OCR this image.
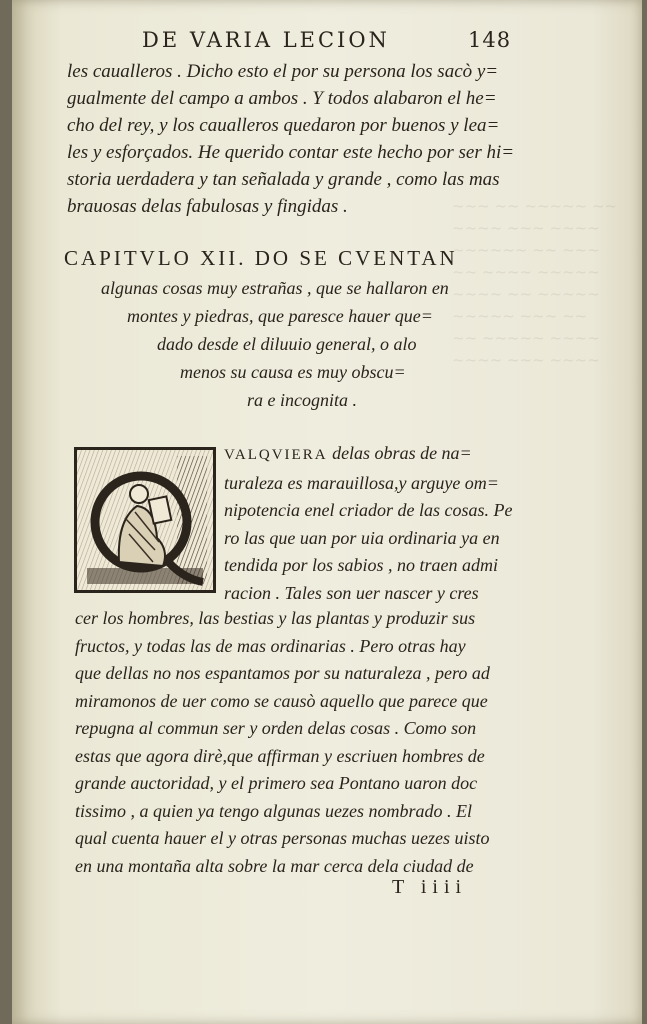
~~~ ~~ ~~~~~ ~~
~~~~ ~~~ ~~~~
~~~~~~ ~~ ~~~
~~ ~~~~ ~~~~~
~~~~ ~~ ~~~~~
~~~~~ ~~~ ~~
~~ ~~~~~ ~~~~
~~~~ ~~~ ~~~~
DE VARIA LECION	148
les caualleros . Dicho esto el por su persona los sacò y=
gualmente del campo a ambos . Y todos alabaron el he=
cho del rey, y los caualleros quedaron por buenos y lea=
les y esforçados. He querido contar este hecho por ser hi=
storia uerdadera y tan señalada y grande , como las mas
brauosas delas fabulosas y fingidas .
CAPITVLO XII. DO SE CVENTAN
algunas cosas muy estrañas , que se hallaron en
montes y piedras, que paresce hauer que=
dado desde el diluuio general, o alo
menos su causa es muy obscu=
ra e incognita .
VALQVIERA delas obras de na=
turaleza es marauillosa,y arguye om=
nipotencia enel criador de las cosas. Pe
ro las que uan por uia ordinaria ya en
tendida por los sabios , no traen admi
racion . Tales son uer nascer y cres
cer los hombres, las bestias y las plantas y produzir sus
fructos, y todas las de mas ordinarias . Pero otras hay
que dellas no nos espantamos por su naturaleza , pero ad
miramonos de uer como se causò aquello que parece que
repugna al commun ser y orden delas cosas . Como son
estas que agora dirè,que affirman y escriuen hombres de
grande auctoridad, y el primero sea Pontano uaron doc
tissimo , a quien ya tengo algunas uezes nombrado . El
qual cuenta hauer el y otras personas muchas uezes uisto
en una montaña alta sobre la mar cerca dela ciudad de
T iiii
